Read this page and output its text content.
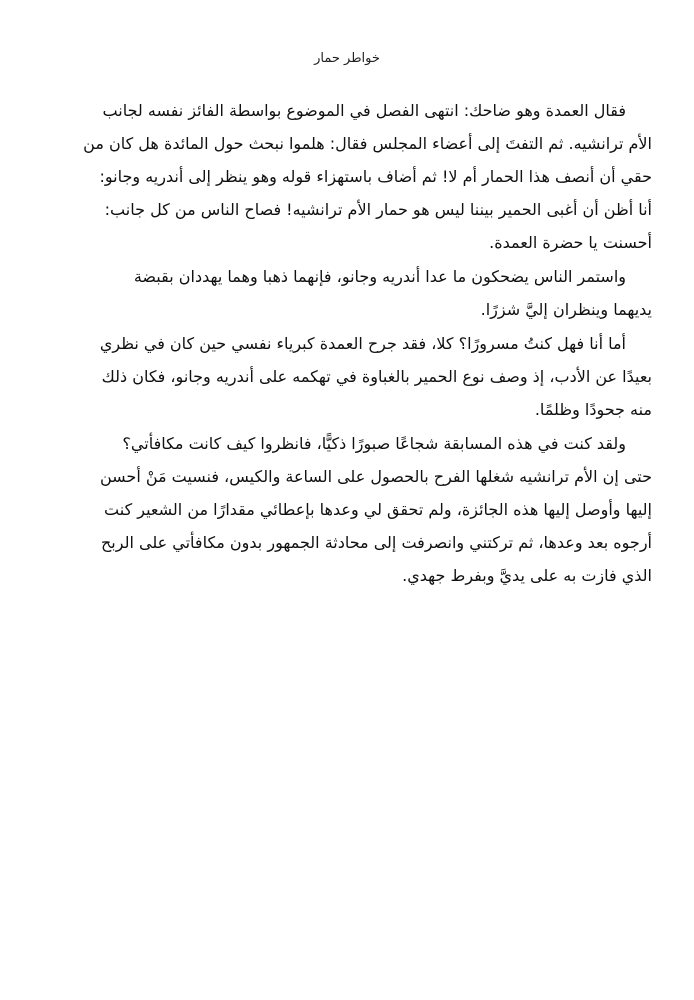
خواطر حمار

فقال العمدة وهو ضاحك: انتهى الفصل في الموضوع بواسطة الفائز نفسه لجانب
الأم ترانشيه. ثم التفتَ إلى أعضاء المجلس فقال: هلموا نبحث حول المائدة هل كان من
حقي أن أنصف هذا الحمار أم لا! ثم أضاف باستهزاء قوله وهو ينظر إلى أندريه وجانو:
أنا أظن أن أغبى الحمير بيننا ليس هو حمار الأم ترانشيه! فصاح الناس من كل جانب:
أحسنت يا حضرة العمدة.

واستمر الناس يضحكون ما عدا أندريه وجانو، فإنهما ذهبا وهما يهددان بقبضة
يديهما وينظران إليَّ شزرًا.

أما أنا فهل كنتُ مسرورًا؟ كلا، فقد جرح العمدة كبرياء نفسي حين كان في نظري
بعيدًا عن الأدب، إذ وصف نوع الحمير بالغباوة في تهكمه على أندريه وجانو، فكان ذلك
منه جحودًا وظلمًا.

ولقد كنت في هذه المسابقة شجاعًا صبورًا ذكيًّا، فانظروا كيف كانت مكافأتي؟
حتى إن الأم ترانشيه شغلها الفرح بالحصول على الساعة والكيس، فنسيت مَنْ أحسن
إليها وأوصل إليها هذه الجائزة، ولم تحقق لي وعدها بإعطائي مقدارًا من الشعير كنت
أرجوه بعد وعدها، ثم تركتني وانصرفت إلى محادثة الجمهور بدون مكافأتي على الربح
الذي فازت به على يديَّ وبفرط جهدي.
